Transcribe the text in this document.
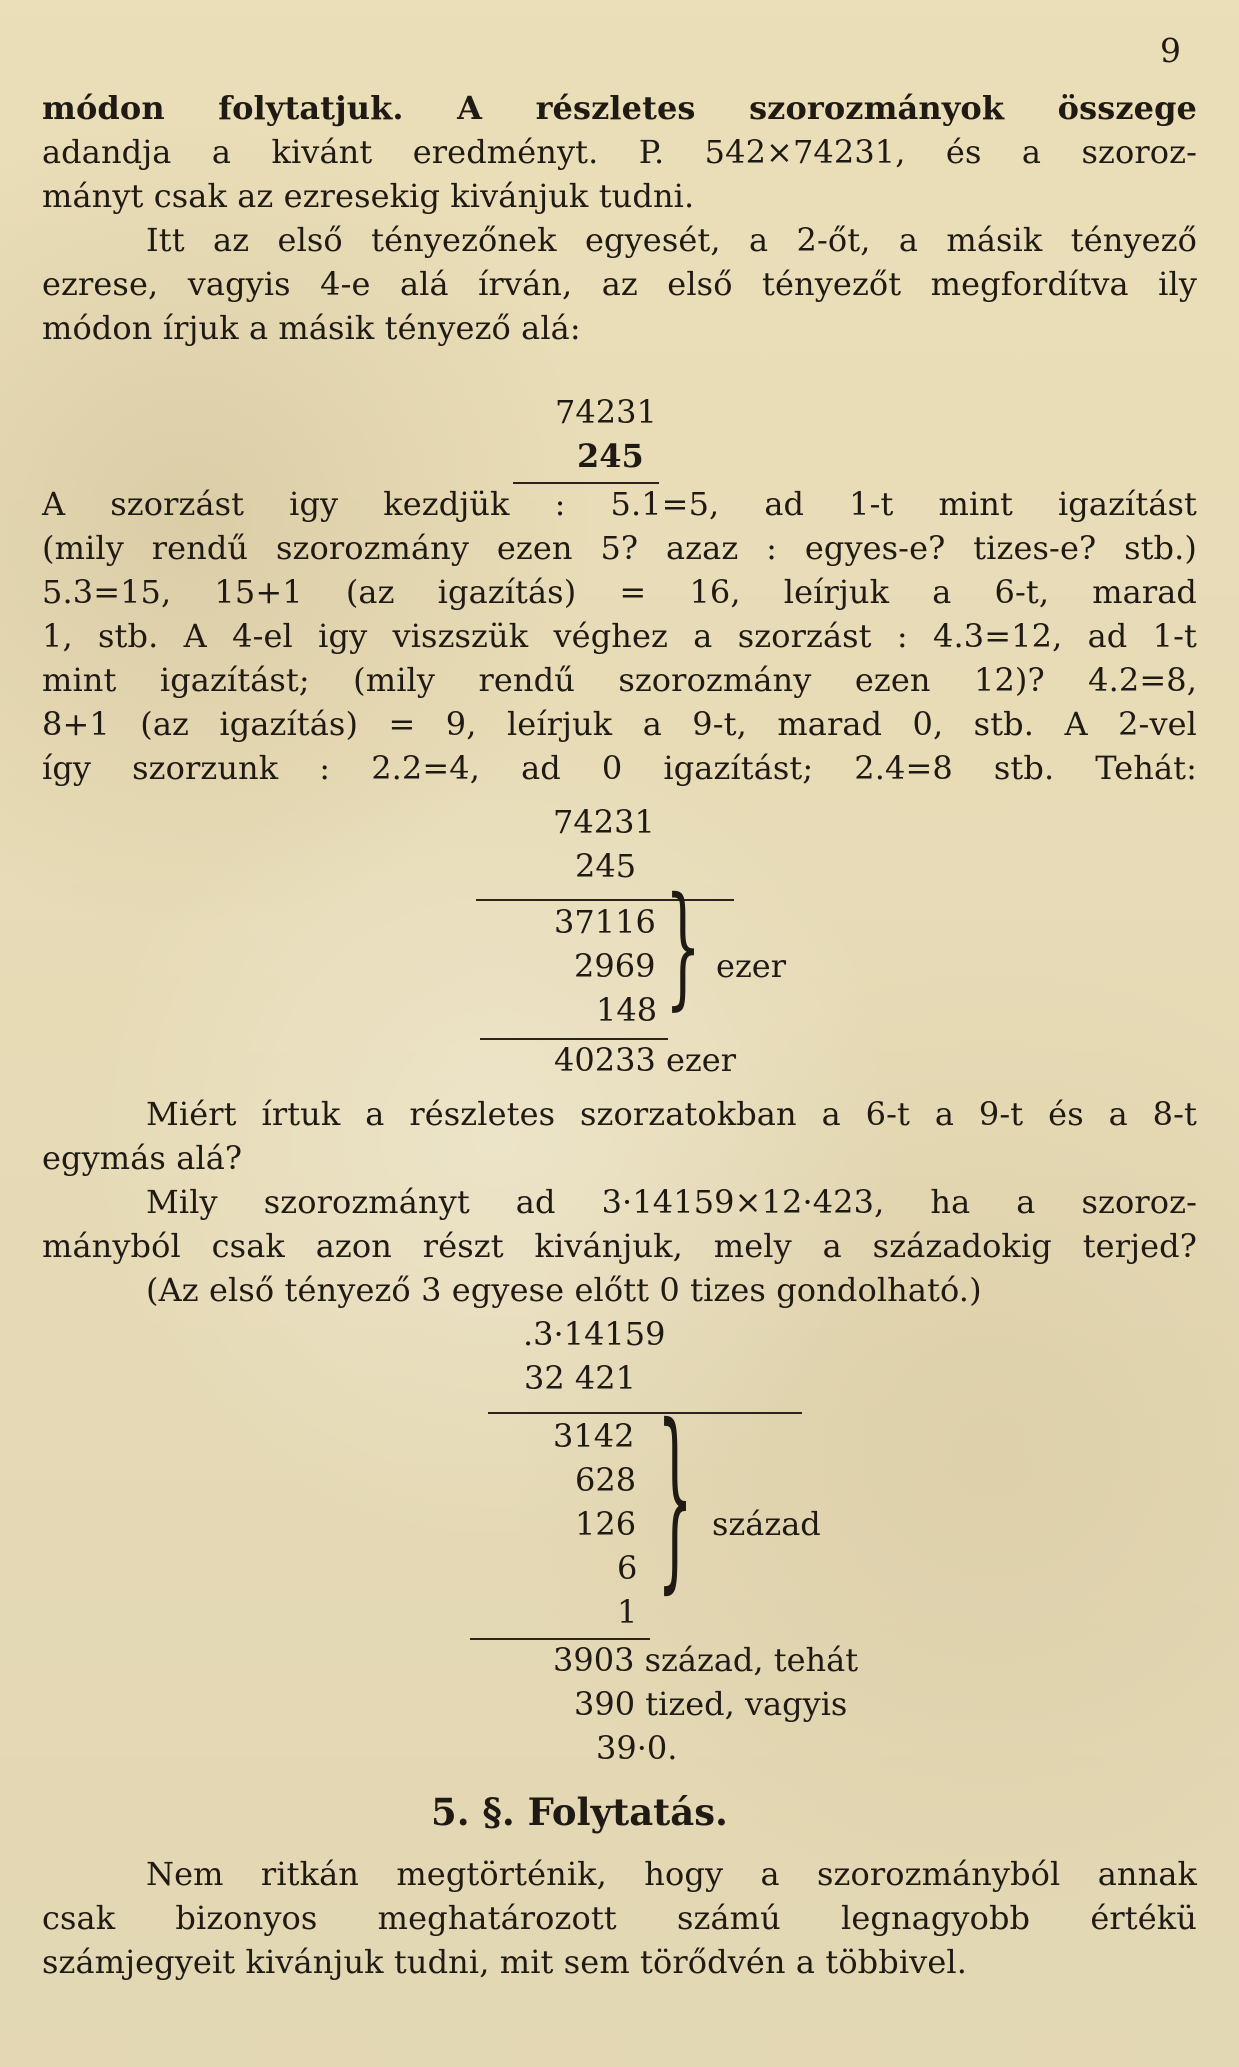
9
módon folytatjuk. A részletes szorozmányok összege
adandja a kivánt eredményt. P. 542×74231, és a szoroz-
mányt csak az ezresekig kivánjuk tudni.
Itt az első tényezőnek egyesét, a 2-őt, a másik tényező
ezrese, vagyis 4-e alá írván, az első tényezőt megfordítva ily
módon írjuk a másik tényező alá:
74231
245
A szorzást igy kezdjük : 5.1=5, ad 1-t mint igazítást
(mily rendű szorozmány ezen 5? azaz : egyes-e? tizes-e? stb.)
5.3=15, 15+1 (az igazítás) = 16, leírjuk a 6-t, marad
1, stb. A 4-el igy viszszük véghez a szorzást : 4.3=12, ad 1-t
mint igazítást; (mily rendű szorozmány ezen 12)? 4.2=8,
8+1 (az igazítás) = 9, leírjuk a 9-t, marad 0, stb. A 2-vel
így szorzunk : 2.2=4, ad 0 igazítást; 2.4=8 stb. Tehát:
74231
245
37116
2969
148 } ezer
40233 ezer
Miért írtuk a részletes szorzatokban a 6-t a 9-t és a 8-t
egymás alá?
Mily szorozmányt ad 3·14159×12·423, ha a szoroz-
mányból csak azon részt kivánjuk, mely a századokig terjed?
(Az első tényező 3 egyese előtt 0 tizes gondolható.)
.3·14159
32 421
3142
628
126
6
1
} század
3903 század, tehát
390 tized, vagyis
39·0.
5. §. Folytatás.
Nem ritkán megtörténik, hogy a szorozmányból annak
csak bizonyos meghatározott számú legnagyobb értékü
számjegyeit kivánjuk tudni, mit sem törődvén a többivel.
